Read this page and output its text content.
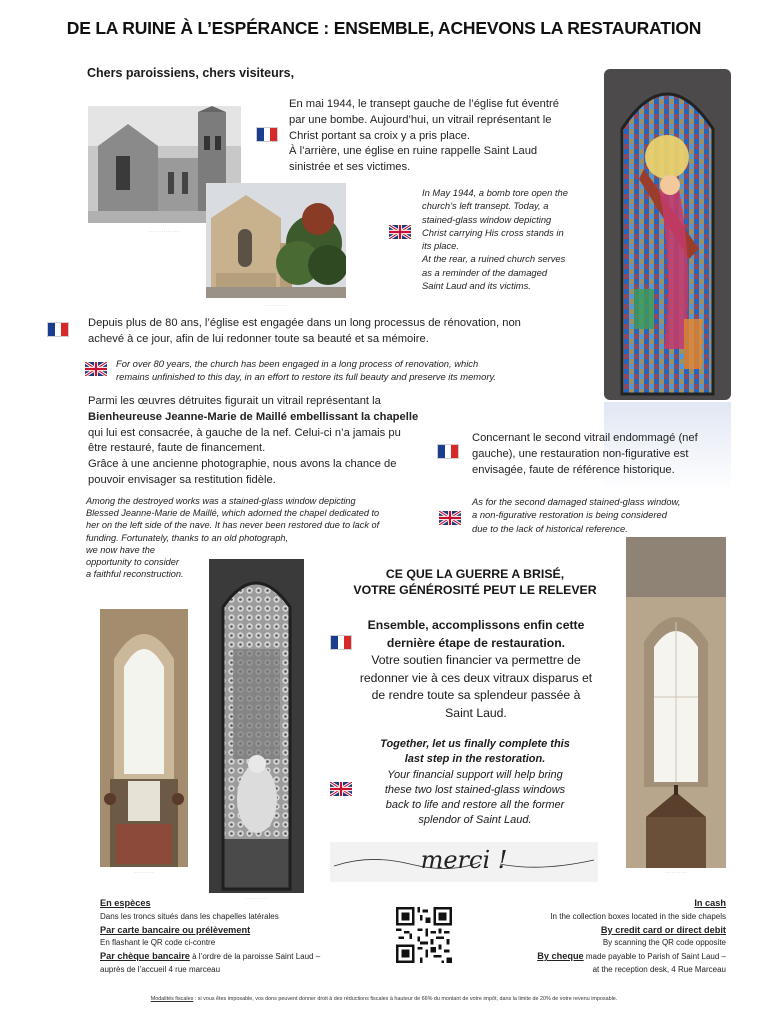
DE LA RUINE À L’ESPÉRANCE : ENSEMBLE, ACHEVONS LA RESTAURATION
Chers paroissiens, chers visiteurs,
· · · · · · · · · · · · · · ·
· · · · · · · · · · · ·
En mai 1944, le transept gauche de l’église fut éventré
par une bombe. Aujourd’hui, un vitrail représentant le
Christ portant sa croix y a pris place.
À l’arrière, une église en ruine rappelle Saint Laud
sinistrée et ses victimes.
In May 1944, a bomb tore open the
church’s left transept. Today, a
stained-glass window depicting
Christ carrying His cross stands in
its place.
At the rear, a ruined church serves
as a reminder of the damaged
Saint Laud and its victims.
Depuis plus de 80 ans, l’église est engagée dans un long processus de rénovation, non
achevé à ce jour, afin de lui redonner toute sa beauté et sa mémoire.
For over 80 years, the church has been engaged in a long process of renovation, which
remains unfinished to this day, in an effort to restore its full beauty and preserve its memory.
Parmi les œuvres détruites figurait un vitrail représentant la
Bienheureuse Jeanne-Marie de Maillé embellissant la chapelle
qui lui est consacrée, à gauche de la nef. Celui-ci n’a jamais pu
être restauré, faute de financement.
Grâce à une ancienne photographie, nous avons la chance de
pouvoir envisager sa restitution fidèle.
Among the destroyed works was a stained-glass window depicting
Blessed Jeanne-Marie de Maillé, which adorned the chapel dedicated to
her on the left side of the nave. It has never been restored due to lack of
funding. Fortunately, thanks to an old photograph,
we now have the
opportunity to consider
a faithful reconstruction.
Concernant le second vitrail endommagé (nef
gauche), une restauration non-figurative est
envisagée, faute de référence historique.
As for the second damaged stained-glass window,
a non-figurative restoration is being considered
due to the lack of historical reference.
· · · · · · · · ·
· · · · · · · · · ·
· · · · · · · · · ·
CE QUE LA GUERRE A BRISÉ,
VOTRE GÉNÉROSITÉ PEUT LE RELEVER
Ensemble, accomplissons enfin cette
dernière étape de restauration.
Votre soutien financier va permettre de
redonner vie à ces deux vitraux disparus et
de rendre toute sa splendeur passée à
Saint Laud.
Together, let us finally complete this
last step in the restoration.
Your financial support will help bring
these two lost stained-glass windows
back to life and restore all the former
splendor of Saint Laud.
merci !
En espèces
Dans les troncs situés dans les chapelles latérales
Par carte bancaire ou prélèvement
En flashant le QR code ci-contre
Par chèque bancaire à l’ordre de la paroisse Saint Laud –
auprès de l’accueil 4 rue marceau
In cash
In the collection boxes located in the side chapels
By credit card or direct debit
By scanning the QR code opposite
By cheque made payable to Parish of Saint Laud –
at the reception desk, 4 Rue Marceau
Modalités fiscales : si vous êtes imposable, vos dons peuvent donner droit à des réductions fiscales à hauteur de 66% du montant de votre impôt, dans la limite de 20% de votre revenu imposable.
